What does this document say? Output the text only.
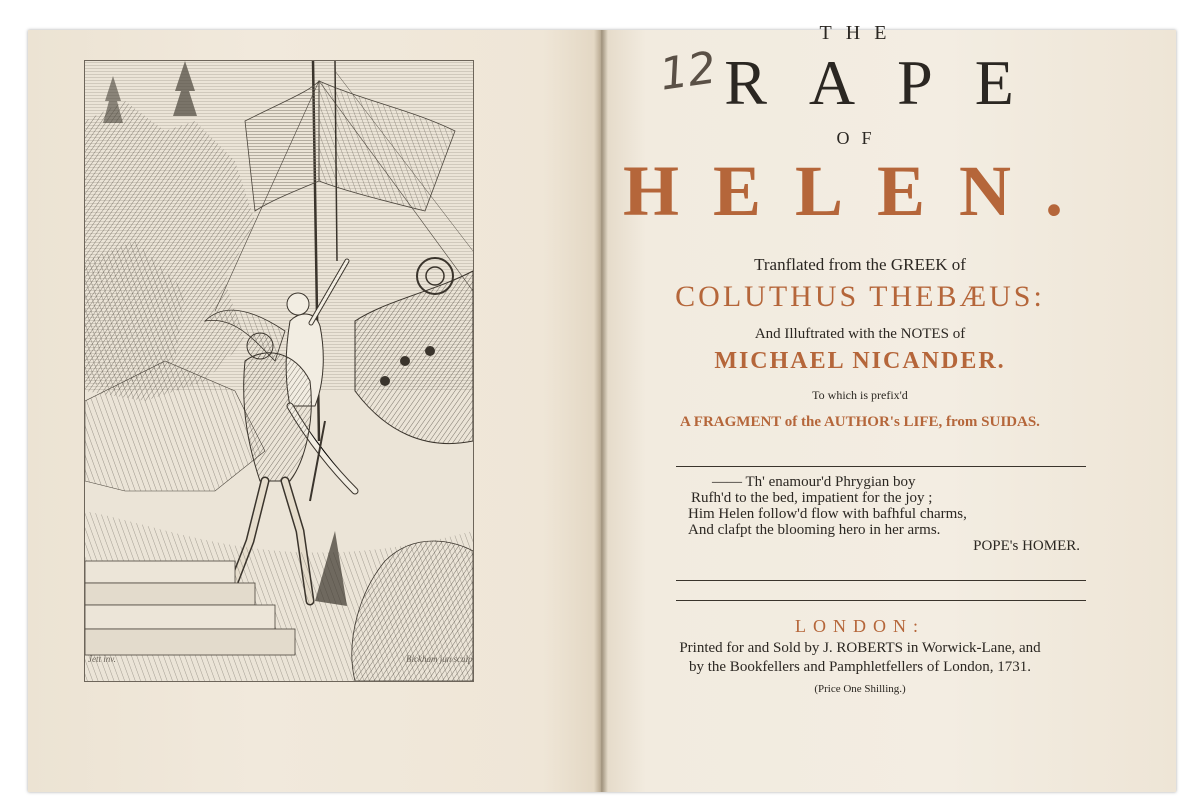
Jett inv.	Bickham jun sculp.
12
THE
RAPE
OF
HELEN.
Tranflated from the GREEK of
COLUTHUS THEBÆUS:
And Illuftrated with the NOTES of
MICHAEL NICANDER.
To which is prefix'd
A FRAGMENT of the AUTHOR's LIFE, from SUIDAS.
—— Th' enamour'd Phrygian boy
Rufh'd to the bed, impatient for the joy ;
Him Helen follow'd flow with bafhful charms,
And clafpt the blooming hero in her arms.
POPE's HOMER.
LONDON:
Printed for and Sold by J. ROBERTS in Worwick-Lane, and
by the Bookfellers and Pamphletfellers of London, 1731.
(Price One Shilling.)
